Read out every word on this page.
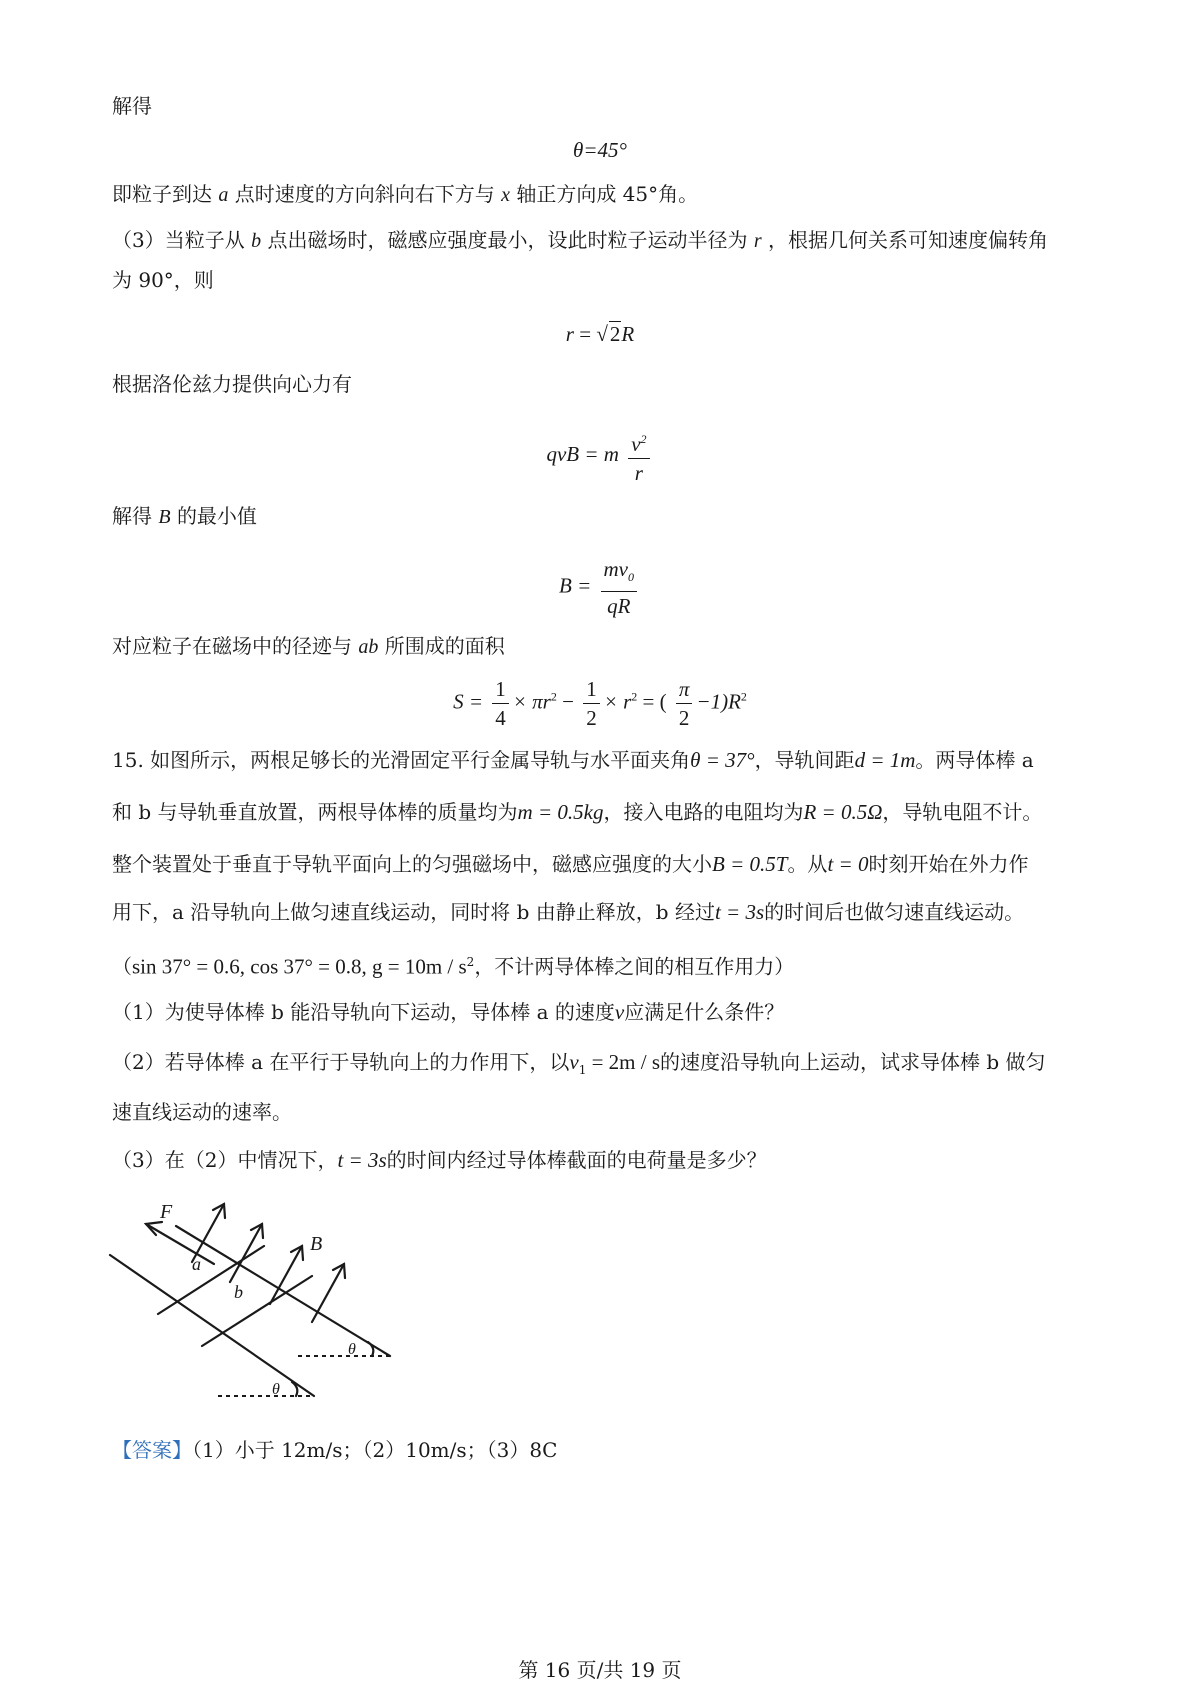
解得
θ=45°
即粒子到达 a 点时速度的方向斜向右下方与 x 轴正方向成 45°角。
（3）当粒子从 b 点出磁场时，磁感应强度最小，设此时粒子运动半径为 r ，根据几何关系可知速度偏转角
为 90°，则
r = √2R
根据洛伦兹力提供向心力有
qvB = m $\frac{v^2}{r}$
解得 B 的最小值
$B = \frac{mv_0}{qR}$
对应粒子在磁场中的径迹与 ab 所围成的面积
$S = \frac{1}{4} \times \pi r^2 - \frac{1}{2} \times r^2$ = ( $\frac{\pi}{2} -1)R^2$
15. 如图所示，两根足够长的光滑固定平行金属导轨与水平面夹角θ = 37°，导轨间距d = 1m。两导体棒 a
和 b 与导轨垂直放置，两根导体棒的质量均为m = 0.5kg，接入电路的电阻均为R = 0.5Ω，导轨电阻不计。
整个装置处于垂直于导轨平面向上的匀强磁场中，磁感应强度的大小B = 0.5T。从t = 0时刻开始在外力作
用下，a 沿导轨向上做匀速直线运动，同时将 b 由静止释放，b 经过t = 3s的时间后也做匀速直线运动。
（sin 37° = 0.6, cos 37° = 0.8, $g = 10m / s^2$，不计两导体棒之间的相互作用力）
（1）为使导体棒 b 能沿导轨向下运动，导体棒 a 的速度v应满足什么条件？
（2）若导体棒 a 在平行于导轨向上的力作用下，以$v_1 = 2m / s$的速度沿导轨向上运动，试求导体棒 b 做匀
速直线运动的速率。
（3）在（2）中情况下，t = 3s的时间内经过导体棒截面的电荷量是多少？
F
B
a
b
θ
θ
【答案】（1）小于 12m/s；（2）10m/s；（3）8C
第 16 页/共 19 页
